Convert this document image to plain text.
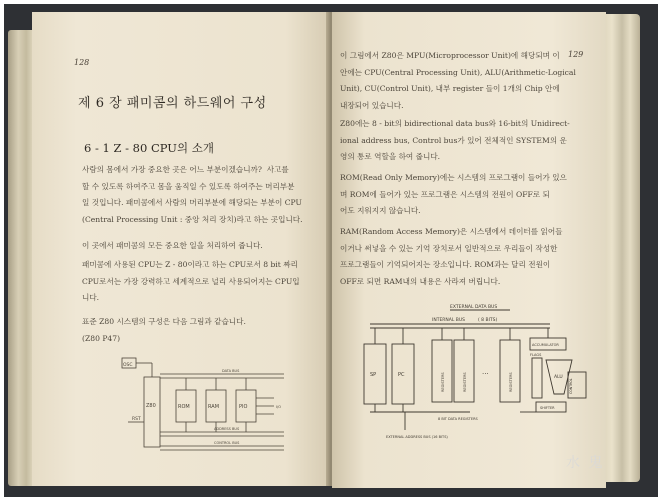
128
제 6 장 패미콤의 하드웨어 구성
6 - 1 Z - 80 CPU의 소개
사람의 몸에서 가장 중요한 곳은 어느 부분이겠습니까?  사고를
할 수 있도록 하여주고 몸을 움직일 수 있도록 하여주는 머리부분
일 것입니다. 패미콤에서 사람의 머리부분에 해당되는 부분이 CPU
(Central Processing Unit : 중앙 처리 장치)라고 하는 곳입니다.
이 곳에서 패미콤의 모든 중요한 일을 처리하여 줍니다.
패미콤에 사용된 CPU는 Z - 80이라고 하는 CPU로서 8 bit 짜리
CPU로서는 가장 강력하고 세계적으로 널리 사용되어지는 CPU입
니다.
표준 Z80 시스템의 구성은 다음 그림과 같습니다.
(Z80 P47)
OSC
Z80
RST
ROM	RAM	PIO
DATA BUS
ADDRESS BUS
CONTROL BUS
I/O
129
이 그림에서 Z80은 MPU(Microprocessor Unit)에 해당되며 이
안에는 CPU(Central Processing Unit), ALU(Arithmetic-Logical
Unit), CU(Control Unit), 내부 register 들이 1개의 Chip 안에
내장되어 있습니다.
Z80에는 8 - bit의 bidirectional data bus와 16-bit의 Unidirect-
ional address bus, Control bus가 있어 전체적인 SYSTEM의 운
영의 통로 역할을 하여 줍니다.
ROM(Read Only Memory)에는 시스템의 프로그램이 들어가 있으
며 ROM에 들어가 있는 프로그램은 시스템의 전원이 OFF로 되
어도 지워지지 않습니다.
RAM(Random Access Memory)은 시스템에서 데이터를 읽어들
이거나 써넣을 수 있는 기억 장치로서 일반적으로 우리들이 작성한
프로그램들이 기억되어지는 장소입니다. ROM과는 달리 전원이
OFF로 되면 RAM내의 내용은 사라져 버립니다.
EXTERNAL DATA BUS
INTERNAL BUS	( 8 BITS)
SP	PC	REGISTERS	REGISTERS	REGISTERS
...
8 BIT DATA REGISTERS
EXTERNAL ADDRESS BUS (16 BITS)
ACCUMULATOR
FLAGS
ALU
SHIFTER
CONTROL
水 鬼
